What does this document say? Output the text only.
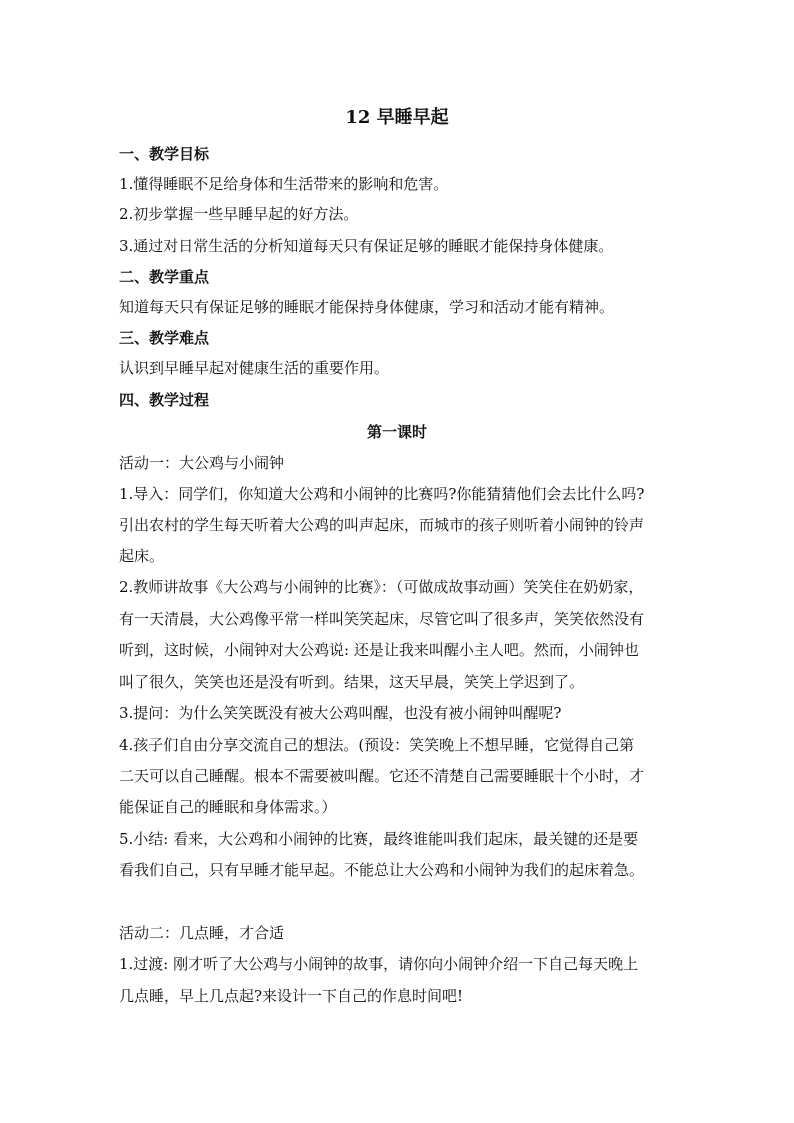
12 早睡早起
一、教学目标
1.懂得睡眠不足给身体和生活带来的影响和危害。
2.初步掌握一些早睡早起的好方法。
3.通过对日常生活的分析知道每天只有保证足够的睡眠才能保持身体健康。
二、教学重点
知道每天只有保证足够的睡眠才能保持身体健康，学习和活动才能有精神。
三、教学难点
认识到早睡早起对健康生活的重要作用。
四、教学过程
第一课时
活动一：大公鸡与小闹钟
1.导入：同学们，你知道大公鸡和小闹钟的比赛吗?你能猜猜他们会去比什么吗?
引出农村的学生每天听着大公鸡的叫声起床，而城市的孩子则听着小闹钟的铃声
起床。
2.教师讲故事《大公鸡与小闹钟的比赛》：（可做成故事动画）笑笑住在奶奶家，
有一天清晨，大公鸡像平常一样叫笑笑起床，尽管它叫了很多声，笑笑依然没有
听到，这时候，小闹钟对大公鸡说: 还是让我来叫醒小主人吧。然而，小闹钟也
叫了很久，笑笑也还是没有听到。结果，这天早晨，笑笑上学迟到了。
3.提问：为什么笑笑既没有被大公鸡叫醒，也没有被小闹钟叫醒呢?
4.孩子们自由分享交流自己的想法。(预设：笑笑晚上不想早睡，它觉得自己第
二天可以自己睡醒。根本不需要被叫醒。它还不清楚自己需要睡眠十个小时，才
能保证自己的睡眠和身体需求。）
5.小结: 看来，大公鸡和小闹钟的比赛，最终谁能叫我们起床，最关键的还是要
看我们自己，只有早睡才能早起。不能总让大公鸡和小闹钟为我们的起床着急。
活动二：几点睡，才合适
1.过渡: 刚才听了大公鸡与小闹钟的故事，请你向小闹钟介绍一下自己每天晚上
几点睡，早上几点起?来设计一下自己的作息时间吧!
